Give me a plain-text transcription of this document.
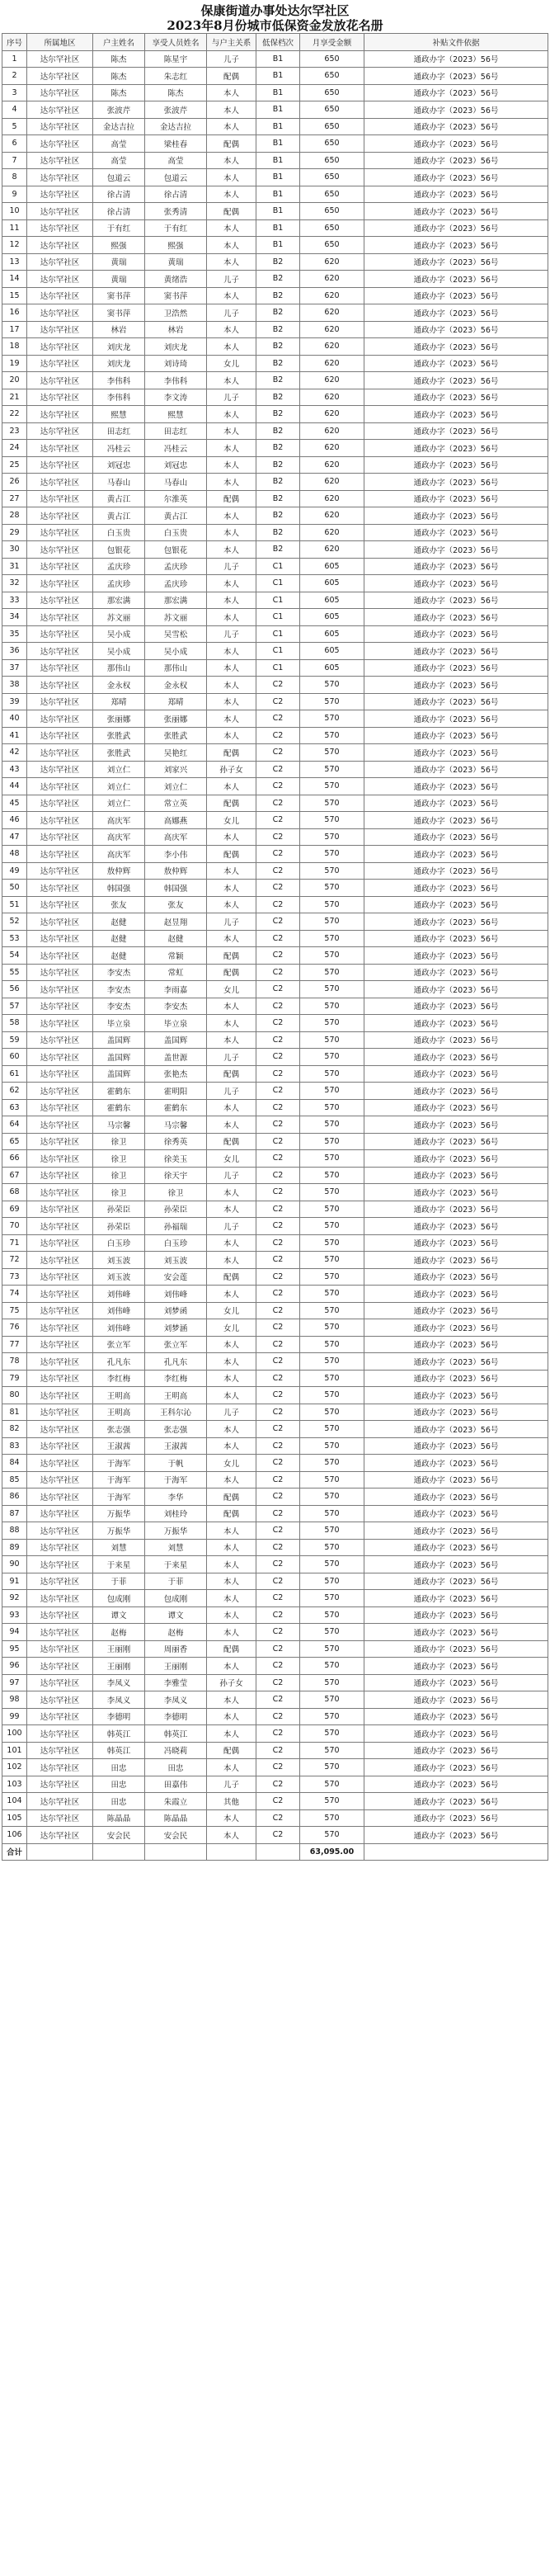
保康街道办事处达尔罕社区
2023年8月份城市低保资金发放花名册
序号	所属地区	户主姓名	享受人员姓名	与户主关系	低保档次	月享受金额	补贴文件依据
1	达尔罕社区	陈杰	陈星宇	儿子	B1	650	通政办字（2023）56号
2	达尔罕社区	陈杰	朱志红	配偶	B1	650	通政办字（2023）56号
3	达尔罕社区	陈杰	陈杰	本人	B1	650	通政办字（2023）56号
4	达尔罕社区	张波芹	张波芹	本人	B1	650	通政办字（2023）56号
5	达尔罕社区	金达吉拉	金达吉拉	本人	B1	650	通政办字（2023）56号
6	达尔罕社区	高莹	梁桂春	配偶	B1	650	通政办字（2023）56号
7	达尔罕社区	高莹	高莹	本人	B1	650	通政办字（2023）56号
8	达尔罕社区	包道云	包道云	本人	B1	650	通政办字（2023）56号
9	达尔罕社区	徐占清	徐占清	本人	B1	650	通政办字（2023）56号
10	达尔罕社区	徐占清	张秀清	配偶	B1	650	通政办字（2023）56号
11	达尔罕社区	于有红	于有红	本人	B1	650	通政办字（2023）56号
12	达尔罕社区	熙强	熙强	本人	B1	650	通政办字（2023）56号
13	达尔罕社区	黄瑞	黄瑞	本人	B2	620	通政办字（2023）56号
14	达尔罕社区	黄瑞	黄绪浩	儿子	B2	620	通政办字（2023）56号
15	达尔罕社区	窦书萍	窦书萍	本人	B2	620	通政办字（2023）56号
16	达尔罕社区	窦书萍	卫浩然	儿子	B2	620	通政办字（2023）56号
17	达尔罕社区	林岩	林岩	本人	B2	620	通政办字（2023）56号
18	达尔罕社区	刘庆龙	刘庆龙	本人	B2	620	通政办字（2023）56号
19	达尔罕社区	刘庆龙	刘诗琦	女儿	B2	620	通政办字（2023）56号
20	达尔罕社区	李伟科	李伟科	本人	B2	620	通政办字（2023）56号
21	达尔罕社区	李伟科	李文涛	儿子	B2	620	通政办字（2023）56号
22	达尔罕社区	熙慧	熙慧	本人	B2	620	通政办字（2023）56号
23	达尔罕社区	田志红	田志红	本人	B2	620	通政办字（2023）56号
24	达尔罕社区	冯桂云	冯桂云	本人	B2	620	通政办字（2023）56号
25	达尔罕社区	刘冠忠	刘冠忠	本人	B2	620	通政办字（2023）56号
26	达尔罕社区	马春山	马春山	本人	B2	620	通政办字（2023）56号
27	达尔罕社区	黄占江	尔淮英	配偶	B2	620	通政办字（2023）56号
28	达尔罕社区	黄占江	黄占江	本人	B2	620	通政办字（2023）56号
29	达尔罕社区	白玉贵	白玉贵	本人	B2	620	通政办字（2023）56号
30	达尔罕社区	包银花	包银花	本人	B2	620	通政办字（2023）56号
31	达尔罕社区	孟庆珍	孟庆珍	儿子	C1	605	通政办字（2023）56号
32	达尔罕社区	孟庆珍	孟庆珍	本人	C1	605	通政办字（2023）56号
33	达尔罕社区	那宏满	那宏满	本人	C1	605	通政办字（2023）56号
34	达尔罕社区	苏文丽	苏文丽	本人	C1	605	通政办字（2023）56号
35	达尔罕社区	吴小成	吴雪松	儿子	C1	605	通政办字（2023）56号
36	达尔罕社区	吴小成	吴小成	本人	C1	605	通政办字（2023）56号
37	达尔罕社区	那伟山	那伟山	本人	C1	605	通政办字（2023）56号
38	达尔罕社区	金永权	金永权	本人	C2	570	通政办字（2023）56号
39	达尔罕社区	郑晴	郑晴	本人	C2	570	通政办字（2023）56号
40	达尔罕社区	张丽娜	张丽娜	本人	C2	570	通政办字（2023）56号
41	达尔罕社区	张胜武	张胜武	本人	C2	570	通政办字（2023）56号
42	达尔罕社区	张胜武	吴艳红	配偶	C2	570	通政办字（2023）56号
43	达尔罕社区	刘立仁	刘家兴	孙子女	C2	570	通政办字（2023）56号
44	达尔罕社区	刘立仁	刘立仁	本人	C2	570	通政办字（2023）56号
45	达尔罕社区	刘立仁	常立英	配偶	C2	570	通政办字（2023）56号
46	达尔罕社区	高庆军	高娜燕	女儿	C2	570	通政办字（2023）56号
47	达尔罕社区	高庆军	高庆军	本人	C2	570	通政办字（2023）56号
48	达尔罕社区	高庆军	李小伟	配偶	C2	570	通政办字（2023）56号
49	达尔罕社区	敖仲辉	敖仲辉	本人	C2	570	通政办字（2023）56号
50	达尔罕社区	韩国强	韩国强	本人	C2	570	通政办字（2023）56号
51	达尔罕社区	张友	张友	本人	C2	570	通政办字（2023）56号
52	达尔罕社区	赵健	赵昱翔	儿子	C2	570	通政办字（2023）56号
53	达尔罕社区	赵健	赵健	本人	C2	570	通政办字（2023）56号
54	达尔罕社区	赵健	常颖	配偶	C2	570	通政办字（2023）56号
55	达尔罕社区	李安杰	常虹	配偶	C2	570	通政办字（2023）56号
56	达尔罕社区	李安杰	李雨嘉	女儿	C2	570	通政办字（2023）56号
57	达尔罕社区	李安杰	李安杰	本人	C2	570	通政办字（2023）56号
58	达尔罕社区	毕立泉	毕立泉	本人	C2	570	通政办字（2023）56号
59	达尔罕社区	盖国辉	盖国辉	本人	C2	570	通政办字（2023）56号
60	达尔罕社区	盖国辉	盖世源	儿子	C2	570	通政办字（2023）56号
61	达尔罕社区	盖国辉	张艳杰	配偶	C2	570	通政办字（2023）56号
62	达尔罕社区	霍鹤东	霍明阳	儿子	C2	570	通政办字（2023）56号
63	达尔罕社区	霍鹤东	霍鹤东	本人	C2	570	通政办字（2023）56号
64	达尔罕社区	马宗馨	马宗馨	本人	C2	570	通政办字（2023）56号
65	达尔罕社区	徐卫	徐秀英	配偶	C2	570	通政办字（2023）56号
66	达尔罕社区	徐卫	徐美玉	女儿	C2	570	通政办字（2023）56号
67	达尔罕社区	徐卫	徐天宇	儿子	C2	570	通政办字（2023）56号
68	达尔罕社区	徐卫	徐卫	本人	C2	570	通政办字（2023）56号
69	达尔罕社区	孙荣臣	孙荣臣	本人	C2	570	通政办字（2023）56号
70	达尔罕社区	孙荣臣	孙福瑞	儿子	C2	570	通政办字（2023）56号
71	达尔罕社区	白玉珍	白玉珍	本人	C2	570	通政办字（2023）56号
72	达尔罕社区	刘玉波	刘玉波	本人	C2	570	通政办字（2023）56号
73	达尔罕社区	刘玉波	安会莲	配偶	C2	570	通政办字（2023）56号
74	达尔罕社区	刘伟峰	刘伟峰	本人	C2	570	通政办字（2023）56号
75	达尔罕社区	刘伟峰	刘梦函	女儿	C2	570	通政办字（2023）56号
76	达尔罕社区	刘伟峰	刘梦涵	女儿	C2	570	通政办字（2023）56号
77	达尔罕社区	张立军	张立军	本人	C2	570	通政办字（2023）56号
78	达尔罕社区	孔凡东	孔凡东	本人	C2	570	通政办字（2023）56号
79	达尔罕社区	李红梅	李红梅	本人	C2	570	通政办字（2023）56号
80	达尔罕社区	王明高	王明高	本人	C2	570	通政办字（2023）56号
81	达尔罕社区	王明高	王科尔沁	儿子	C2	570	通政办字（2023）56号
82	达尔罕社区	张志强	张志强	本人	C2	570	通政办字（2023）56号
83	达尔罕社区	王淑茜	王淑茜	本人	C2	570	通政办字（2023）56号
84	达尔罕社区	于海军	于帆	女儿	C2	570	通政办字（2023）56号
85	达尔罕社区	于海军	于海军	本人	C2	570	通政办字（2023）56号
86	达尔罕社区	于海军	李华	配偶	C2	570	通政办字（2023）56号
87	达尔罕社区	万振华	刘桂玲	配偶	C2	570	通政办字（2023）56号
88	达尔罕社区	万振华	万振华	本人	C2	570	通政办字（2023）56号
89	达尔罕社区	刘慧	刘慧	本人	C2	570	通政办字（2023）56号
90	达尔罕社区	于来星	于来星	本人	C2	570	通政办字（2023）56号
91	达尔罕社区	于菲	于菲	本人	C2	570	通政办字（2023）56号
92	达尔罕社区	包成刚	包成刚	本人	C2	570	通政办字（2023）56号
93	达尔罕社区	谭文	谭文	本人	C2	570	通政办字（2023）56号
94	达尔罕社区	赵梅	赵梅	本人	C2	570	通政办字（2023）56号
95	达尔罕社区	王丽刚	周丽香	配偶	C2	570	通政办字（2023）56号
96	达尔罕社区	王丽刚	王丽刚	本人	C2	570	通政办字（2023）56号
97	达尔罕社区	李凤义	李雅莹	孙子女	C2	570	通政办字（2023）56号
98	达尔罕社区	李凤义	李凤义	本人	C2	570	通政办字（2023）56号
99	达尔罕社区	李德明	李德明	本人	C2	570	通政办字（2023）56号
100	达尔罕社区	韩英江	韩英江	本人	C2	570	通政办字（2023）56号
101	达尔罕社区	韩英江	冯晓莉	配偶	C2	570	通政办字（2023）56号
102	达尔罕社区	田忠	田忠	本人	C2	570	通政办字（2023）56号
103	达尔罕社区	田忠	田嘉伟	儿子	C2	570	通政办字（2023）56号
104	达尔罕社区	田忠	朱霞立	其他	C2	570	通政办字（2023）56号
105	达尔罕社区	陈晶晶	陈晶晶	本人	C2	570	通政办字（2023）56号
106	达尔罕社区	安会民	安会民	本人	C2	570	通政办字（2023）56号
合计						63,095.00	
